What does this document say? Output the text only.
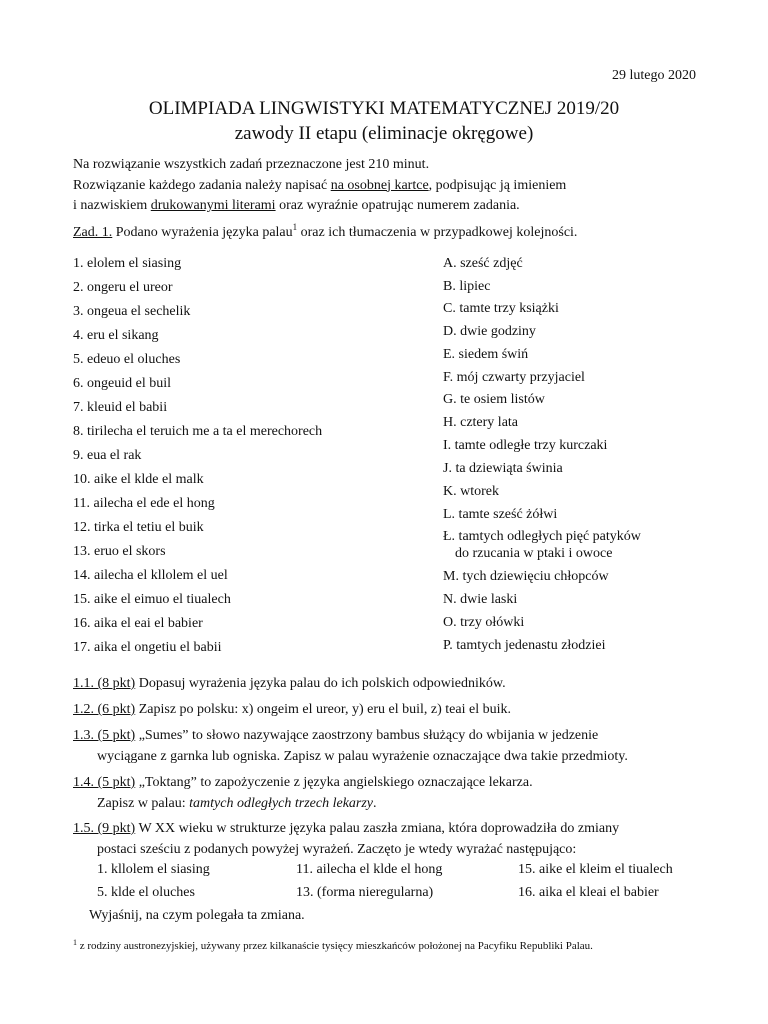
29 lutego 2020
OLIMPIADA LINGWISTYKI MATEMATYCZNEJ 2019/20
zawody II etapu (eliminacje okręgowe)
Na rozwiązanie wszystkich zadań przeznaczone jest 210 minut.
Rozwiązanie każdego zadania należy napisać na osobnej kartce, podpisując ją imieniem
i nazwiskiem drukowanymi literami oraz wyraźnie opatrując numerem zadania.
Zad. 1. Podano wyrażenia języka palau$^1$ oraz ich tłumaczenia w przypadkowej kolejności.
1. elolem el siasing
2. ongeru el ureor
3. ongeua el sechelik
4. eru el sikang
5. edeuo el oluches
6. ongeuid el buil
7. kleuid el babii
8. tirilecha el teruich me a ta el merechorech
9. eua el rak
10. aike el klde el malk
11. ailecha el ede el hong
12. tirka el tetiu el buik
13. eruo el skors
14. ailecha el kllolem el uel
15. aike el eimuo el tiualech
16. aika el eai el babier
17. aika el ongetiu el babii
A. sześć zdjęć
B. lipiec
C. tamte trzy książki
D. dwie godziny
E. siedem świń
F. mój czwarty przyjaciel
G. te osiem listów
H. cztery lata
I. tamte odległe trzy kurczaki
J. ta dziewiąta świnia
K. wtorek
L. tamte sześć żółwi
Ł. tamtych odległych pięć patyków
do rzucania w ptaki i owoce
M. tych dziewięciu chłopców
N. dwie laski
O. trzy ołówki
P. tamtych jedenastu złodziei
1.1. (8 pkt) Dopasuj wyrażenia języka palau do ich polskich odpowiedników.
1.2. (6 pkt) Zapisz po polsku: x) ongeim el ureor, y) eru el buil, z) teai el buik.
1.3. (5 pkt) „Sumes” to słowo nazywające zaostrzony bambus służący do wbijania w jedzenie
wyciągane z garnka lub ogniska. Zapisz w palau wyrażenie oznaczające dwa takie przedmioty.
1.4. (5 pkt) „Toktang” to zapożyczenie z języka angielskiego oznaczające lekarza.
Zapisz w palau: tamtych odległych trzech lekarzy.
1.5. (9 pkt) W XX wieku w strukturze języka palau zaszła zmiana, która doprowadziła do zmiany
postaci sześciu z podanych powyżej wyrażeń. Zaczęto je wtedy wyrażać następująco:
1. kllolem el siasing	11. ailecha el klde el hong	15. aike el kleim el tiualech
5. klde el oluches	13. (forma nieregularna)	16. aika el kleai el babier
Wyjaśnij, na czym polegała ta zmiana.
$^1$ z rodziny austronezyjskiej, używany przez kilkanaście tysięcy mieszkańców położonej na Pacyfiku Republiki Palau.
